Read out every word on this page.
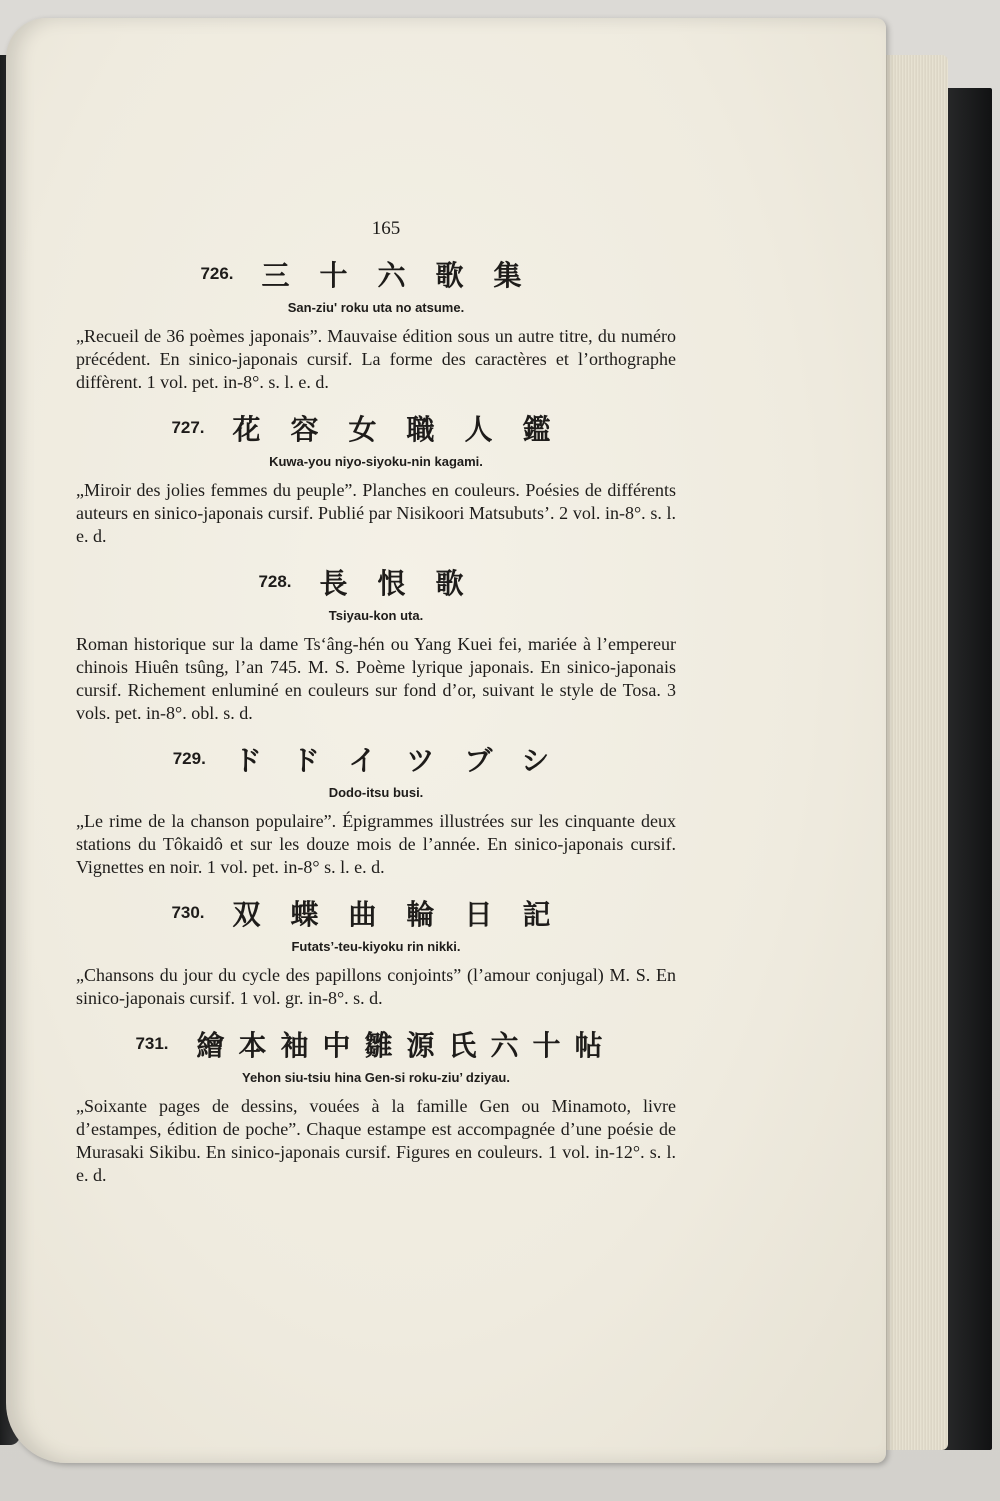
165
726. 三十六歌集
San-ziu' roku uta no atsume.

„Recueil de 36 poèmes japonais”. Mauvaise édition sous un autre titre, du numéro précédent. En sinico-japonais cursif. La forme des caractères et l’orthographe diffèrent. 1 vol. pet. in-8°. s. l. e. d.

727. 花容女職人鑑
Kuwa-you niyo-siyoku-nin kagami.

„Miroir des jolies femmes du peuple”. Planches en couleurs. Poésies de différents auteurs en sinico-japonais cursif. Publié par Nisikoori Matsubuts’. 2 vol. in-8°. s. l. e. d.

728. 長恨歌
Tsiyau-kon uta.

Roman historique sur la dame Ts‘âng-hén ou Yang Kuei fei, mariée à l’empereur chinois Hiuên tsûng, l’an 745. M. S. Poème lyrique japonais. En sinico-japonais cursif. Richement enluminé en couleurs sur fond d’or, suivant le style de Tosa. 3 vols. pet. in-8°. obl. s. d.

729. ドドイツブシ
Dodo-itsu busi.

„Le rime de la chanson populaire”. Épigrammes illustrées sur les cinquante deux stations du Tôkaidô et sur les douze mois de l’année. En sinico-japonais cursif. Vignettes en noir. 1 vol. pet. in-8° s. l. e. d.

730. 双蝶曲輪日記
Futats’-teu-kiyoku rin nikki.

„Chansons du jour du cycle des papillons conjoints” (l’amour conjugal) M. S. En sinico-japonais cursif. 1 vol. gr. in-8°. s. d.

731. 繪本袖中雛源氏六十帖
Yehon siu-tsiu hina Gen-si roku-ziu’ dziyau.

„Soixante pages de dessins, vouées à la famille Gen ou Minamoto, livre d’estampes, édition de poche”. Chaque estampe est accompagnée d’une poésie de Murasaki Sikibu. En sinico-japonais cursif. Figures en couleurs. 1 vol. in-12°. s. l. e. d.
